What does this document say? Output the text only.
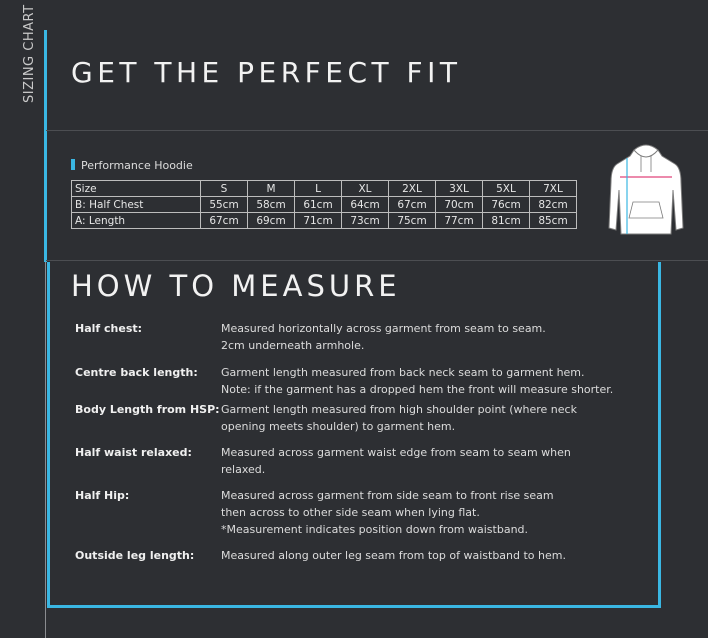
SIZING CHART GET THE PERFECT FIT
Performance Hoodie
Size	S	M	L	XL	2XL	3XL	5XL	7XL
B: Half Chest	55cm	58cm	61cm	64cm	67cm	70cm	76cm	82cm
A: Length	67cm	69cm	71cm	73cm	75cm	77cm	81cm	85cm
HOW TO MEASURE
Half chest:	Measured horizontally across garment from seam to seam.
2cm underneath armhole.
Centre back length:	Garment length measured from back neck seam to garment hem.
Note: if the garment has a dropped hem the front will measure shorter.
Body Length from HSP: Garment length measured from high shoulder point (where neck
opening meets shoulder) to garment hem.
Half waist relaxed:	Measured across garment waist edge from seam to seam when
relaxed.
Half Hip:	Measured across garment from side seam to front rise seam
then across to other side seam when lying flat.
*Measurement indicates position down from waistband.
Outside leg length:	Measured along outer leg seam from top of waistband to hem.
